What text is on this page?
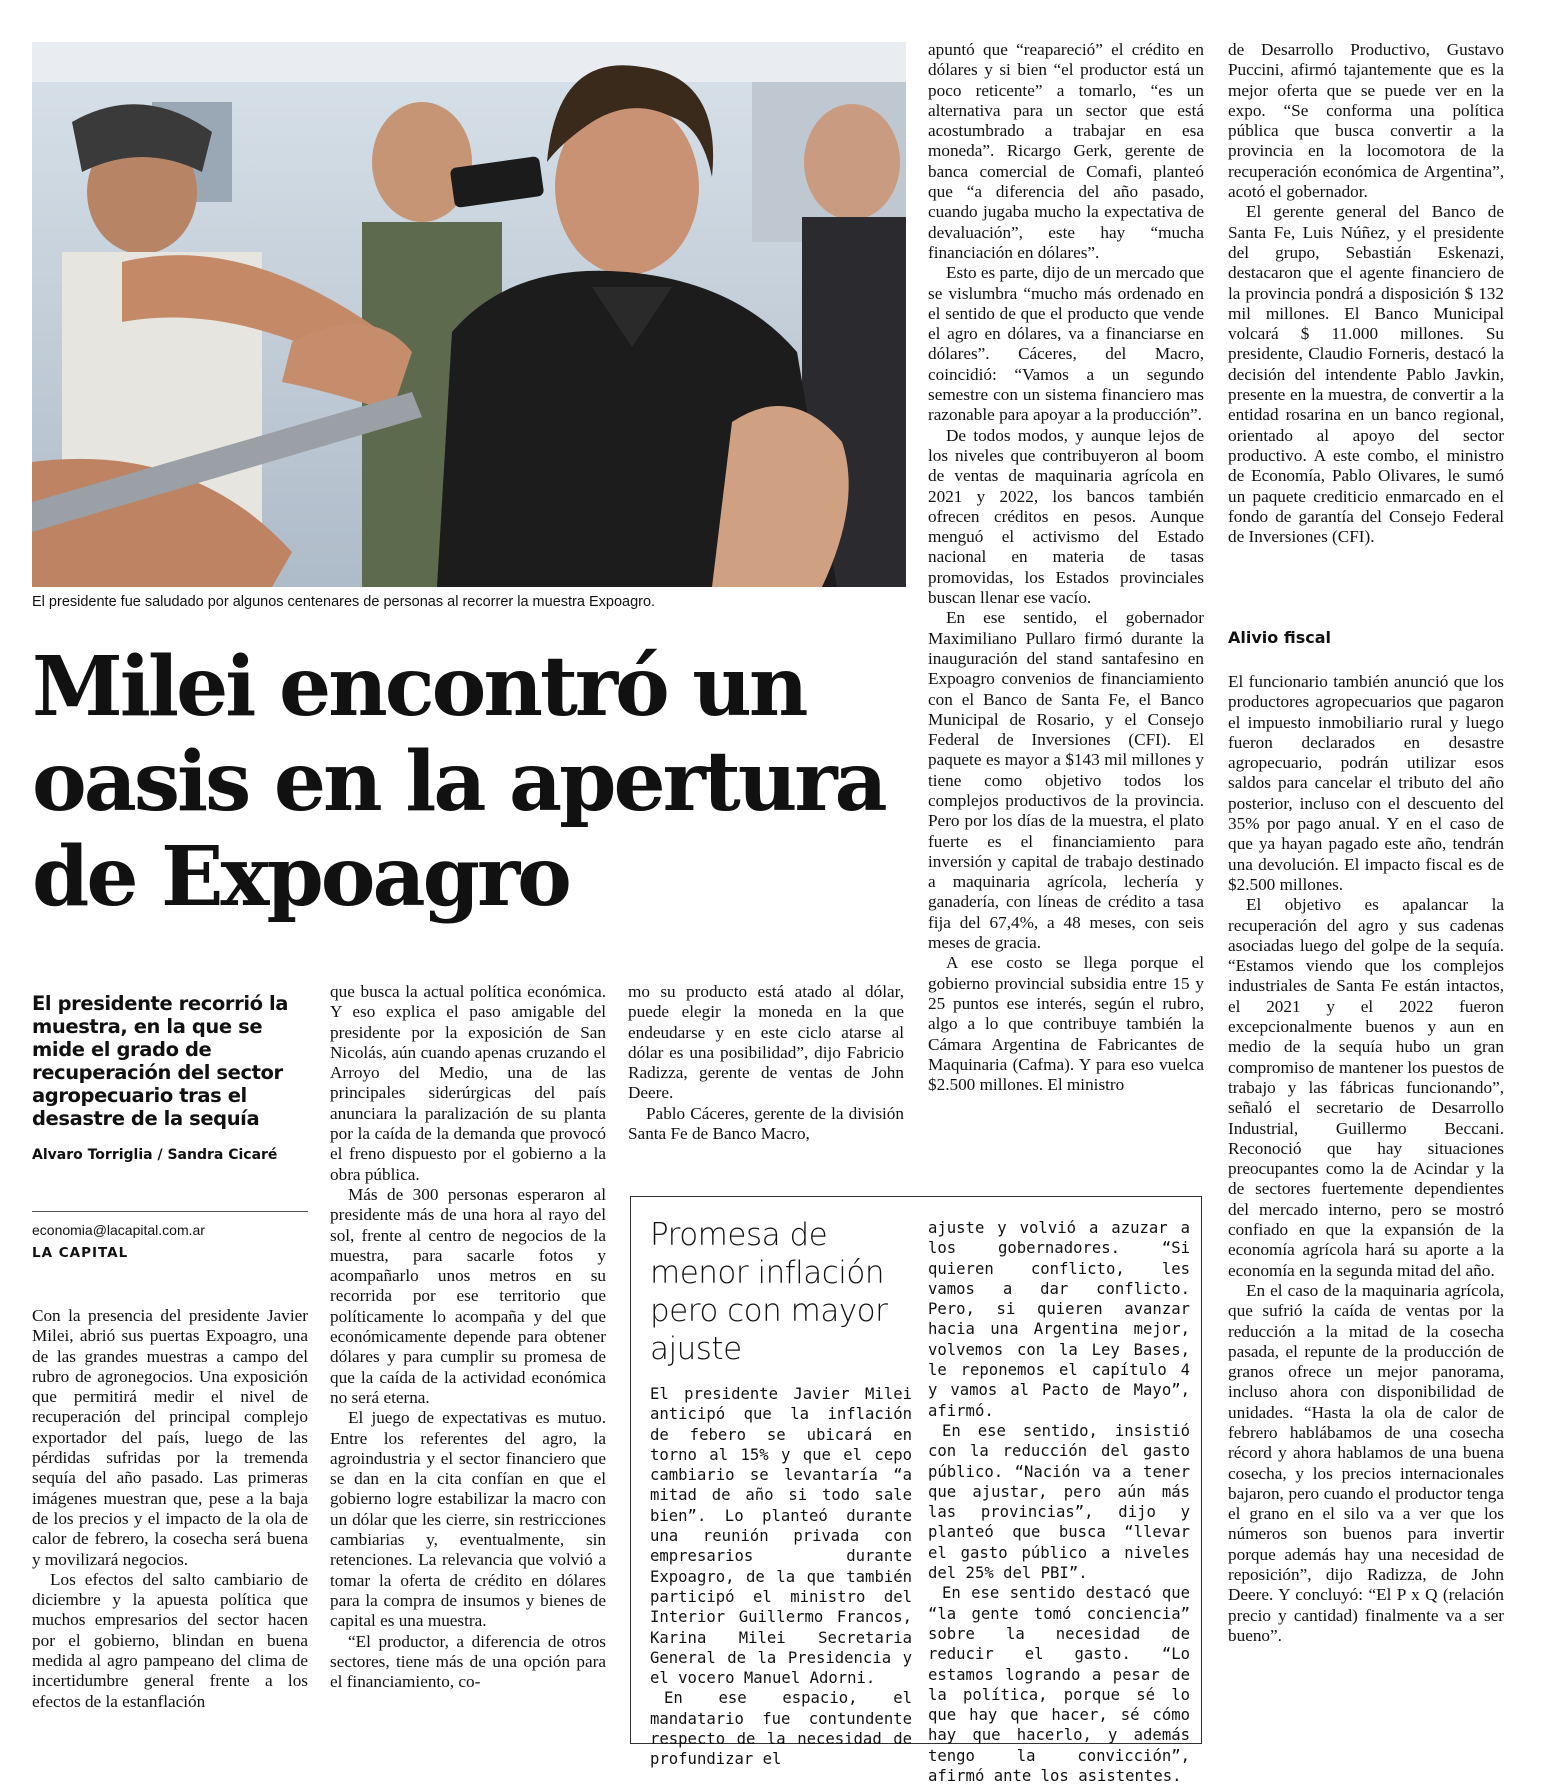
El presidente fue saludado por algunos centenares de personas al recorrer la muestra Expoagro.
Milei encontró un
oasis en la apertura
de Expoagro

El presidente recorrió la muestra, en la que se mide el grado de recuperación del sector agropecuario tras el desastre de la sequía

Alvaro Torriglia / Sandra Cicaré
economia@lacapital.com.ar
LA CAPITAL

Con la presencia del presidente Javier Milei, abrió sus puertas Expoagro, una de las grandes muestras a campo del rubro de agronegocios. Una exposición que permitirá medir el nivel de recuperación del principal complejo exportador del país, luego de las pérdidas sufridas por la tremenda sequía del año pasado. Las primeras imágenes muestran que, pese a la baja de los precios y el impacto de la ola de calor de febrero, la cosecha será buena y movilizará negocios.

Los efectos del salto cambiario de diciembre y la apuesta política que muchos empresarios del sector hacen por el gobierno, blindan en buena medida al agro pampeano del clima de incertidumbre general frente a los efectos de la estanflación

que busca la actual política económica. Y eso explica el paso amigable del presidente por la exposición de San Nicolás, aún cuando apenas cruzando el Arroyo del Medio, una de las principales siderúrgicas del país anunciara la paralización de su planta por la caída de la demanda que provocó el freno dispuesto por el gobierno a la obra pública.

Más de 300 personas esperaron al presidente más de una hora al rayo del sol, frente al centro de negocios de la muestra, para sacarle fotos y acompañarlo unos metros en su recorrida por ese territorio que políticamente lo acompaña y del que económicamente depende para obtener dólares y para cumplir su promesa de que la caída de la actividad económica no será eterna.

El juego de expectativas es mutuo. Entre los referentes del agro, la agroindustria y el sector financiero que se dan en la cita confían en que el gobierno logre estabilizar la macro con un dólar que les cierre, sin restricciones cambiarias y, eventualmente, sin retenciones. La relevancia que volvió a tomar la oferta de crédito en dólares para la compra de insumos y bienes de capital es una muestra.

“El productor, a diferencia de otros sectores, tiene más de una opción para el financiamiento, co-

mo su producto está atado al dólar, puede elegir la moneda en la que endeudarse y en este ciclo atarse al dólar es una posibilidad”, dijo Fabricio Radizza, gerente de ventas de John Deere.

Pablo Cáceres, gerente de la división Santa Fe de Banco Macro,

apuntó que “reapareció” el crédito en dólares y si bien “el productor está un poco reticente” a tomarlo, “es un alternativa para un sector que está acostumbrado a trabajar en esa moneda”. Ricargo Gerk, gerente de banca comercial de Comafi, planteó que “a diferencia del año pasado, cuando jugaba mucho la expectativa de devaluación”, este hay “mucha financiación en dólares”.

Esto es parte, dijo de un mercado que se vislumbra “mucho más ordenado en el sentido de que el producto que vende el agro en dólares, va a financiarse en dólares”. Cáceres, del Macro, coincidió: “Vamos a un segundo semestre con un sistema financiero mas razonable para apoyar a la producción”.

De todos modos, y aunque lejos de los niveles que contribuyeron al boom de ventas de maquinaria agrícola en 2021 y 2022, los bancos también ofrecen créditos en pesos. Aunque menguó el activismo del Estado nacional en materia de tasas promovidas, los Estados provinciales buscan llenar ese vacío.

En ese sentido, el gobernador Maximiliano Pullaro firmó durante la inauguración del stand santafesino en Expoagro convenios de financiamiento con el Banco de Santa Fe, el Banco Municipal de Rosario, y el Consejo Federal de Inversiones (CFI). El paquete es mayor a $143 mil millones y tiene como objetivo todos los complejos productivos de la provincia. Pero por los días de la muestra, el plato fuerte es el financiamiento para inversión y capital de trabajo destinado a maquinaria agrícola, lechería y ganadería, con líneas de crédito a tasa fija del 67,4%, a 48 meses, con seis meses de gracia.

A ese costo se llega porque el gobierno provincial subsidia entre 15 y 25 puntos ese interés, según el rubro, algo a lo que contribuye también la Cámara Argentina de Fabricantes de Maquinaria (Cafma). Y para eso vuelca $2.500 millones. El ministro

de Desarrollo Productivo, Gustavo Puccini, afirmó tajantemente que es la mejor oferta que se puede ver en la expo. “Se conforma una política pública que busca convertir a la provincia en la locomotora de la recuperación económica de Argentina”, acotó el gobernador.

El gerente general del Banco de Santa Fe, Luis Núñez, y el presidente del grupo, Sebastián Eskenazi, destacaron que el agente financiero de la provincia pondrá a disposición $ 132 mil millones. El Banco Municipal volcará $ 11.000 millones. Su presidente, Claudio Forneris, destacó la decisión del intendente Pablo Javkin, presente en la muestra, de convertir a la entidad rosarina en un banco regional, orientado al apoyo del sector productivo. A este combo, el ministro de Economía, Pablo Olivares, le sumó un paquete crediticio enmarcado en el fondo de garantía del Consejo Federal de Inversiones (CFI).

Alivio fiscal

El funcionario también anunció que los productores agropecuarios que pagaron el impuesto inmobiliario rural y luego fueron declarados en desastre agropecuario, podrán utilizar esos saldos para cancelar el tributo del año posterior, incluso con el descuento del 35% por pago anual. Y en el caso de que ya hayan pagado este año, tendrán una devolución. El impacto fiscal es de $2.500 millones.

El objetivo es apalancar la recuperación del agro y sus cadenas asociadas luego del golpe de la sequía. “Estamos viendo que los complejos industriales de Santa Fe están intactos, el 2021 y el 2022 fueron excepcionalmente buenos y aun en medio de la sequía hubo un gran compromiso de mantener los puestos de trabajo y las fábricas funcionando”, señaló el secretario de Desarrollo Industrial, Guillermo Beccani. Reconoció que hay situaciones preocupantes como la de Acindar y la de sectores fuertemente dependientes del mercado interno, pero se mostró confiado en que la expansión de la economía agrícola hará su aporte a la economía en la segunda mitad del año.

En el caso de la maquinaria agrícola, que sufrió la caída de ventas por la reducción a la mitad de la cosecha pasada, el repunte de la producción de granos ofrece un mejor panorama, incluso ahora con disponibilidad de unidades. “Hasta la ola de calor de febrero hablábamos de una cosecha récord y ahora hablamos de una buena cosecha, y los precios internacionales bajaron, pero cuando el productor tenga el grano en el silo va a ver que los números son buenos para invertir porque además hay una necesidad de reposición”, dijo Radizza, de John Deere. Y concluyó: “El P x Q (relación precio y cantidad) finalmente va a ser bueno”.

Promesa de menor inflación pero con mayor ajuste

El presidente Javier Milei anticipó que la inflación de febero se ubicará en torno al 15% y que el cepo cambiario se levantaría “a mitad de año si todo sale bien”. Lo planteó durante una reunión privada con empresarios durante Expoagro, de la que también participó el ministro del Interior Guillermo Francos, Karina Milei Secretaria General de la Presidencia y el vocero Manuel Adorni.

En ese espacio, el mandatario fue contundente respecto de la necesidad de profundizar el

ajuste y volvió a azuzar a los gobernadores. “Si quieren conflicto, les vamos a dar conflicto. Pero, si quieren avanzar hacia una Argentina mejor, volvemos con la Ley Bases, le reponemos el capítulo 4 y vamos al Pacto de Mayo”, afirmó.

En ese sentido, insistió con la reducción del gasto público. “Nación va a tener que ajustar, pero aún más las provincias”, dijo y planteó que busca “llevar el gasto público a niveles del 25% del PBI”.

En ese sentido destacó que “la gente tomó conciencia” sobre la necesidad de reducir el gasto. “Lo estamos logrando a pesar de la política, porque sé lo que hay que hacer, sé cómo hay que hacerlo, y además tengo la convicción”, afirmó ante los asistentes.
